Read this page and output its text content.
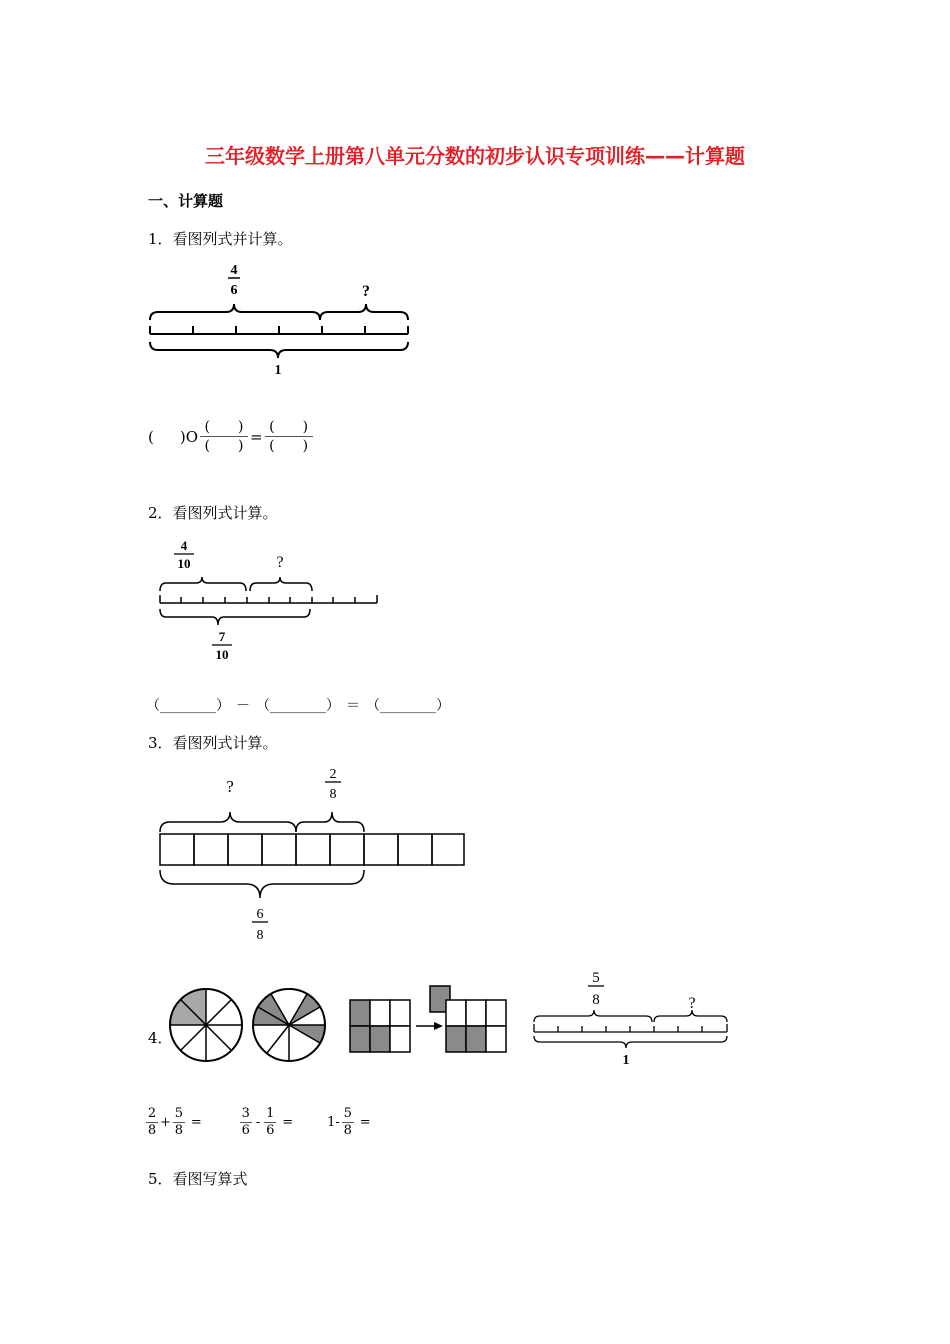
三年级数学上册第八单元分数的初步认识专项训练——计算题
一、计算题
1．看图列式并计算。
4
6	?
1
( )$O \frac{( )}{( )} = \frac{( )}{( )}$
2．看图列式计算。
4
10	?
7
10
（________） － （________） ＝ （________）
3．看图列式计算。
?
2
8
6
8
4．
5
8	?
1
$\frac{2}{8} + \frac{5}{8}$ =	$\frac{3}{6} - \frac{1}{6}$ =	$1- \frac{5}{8}$ =
5．看图写算式
